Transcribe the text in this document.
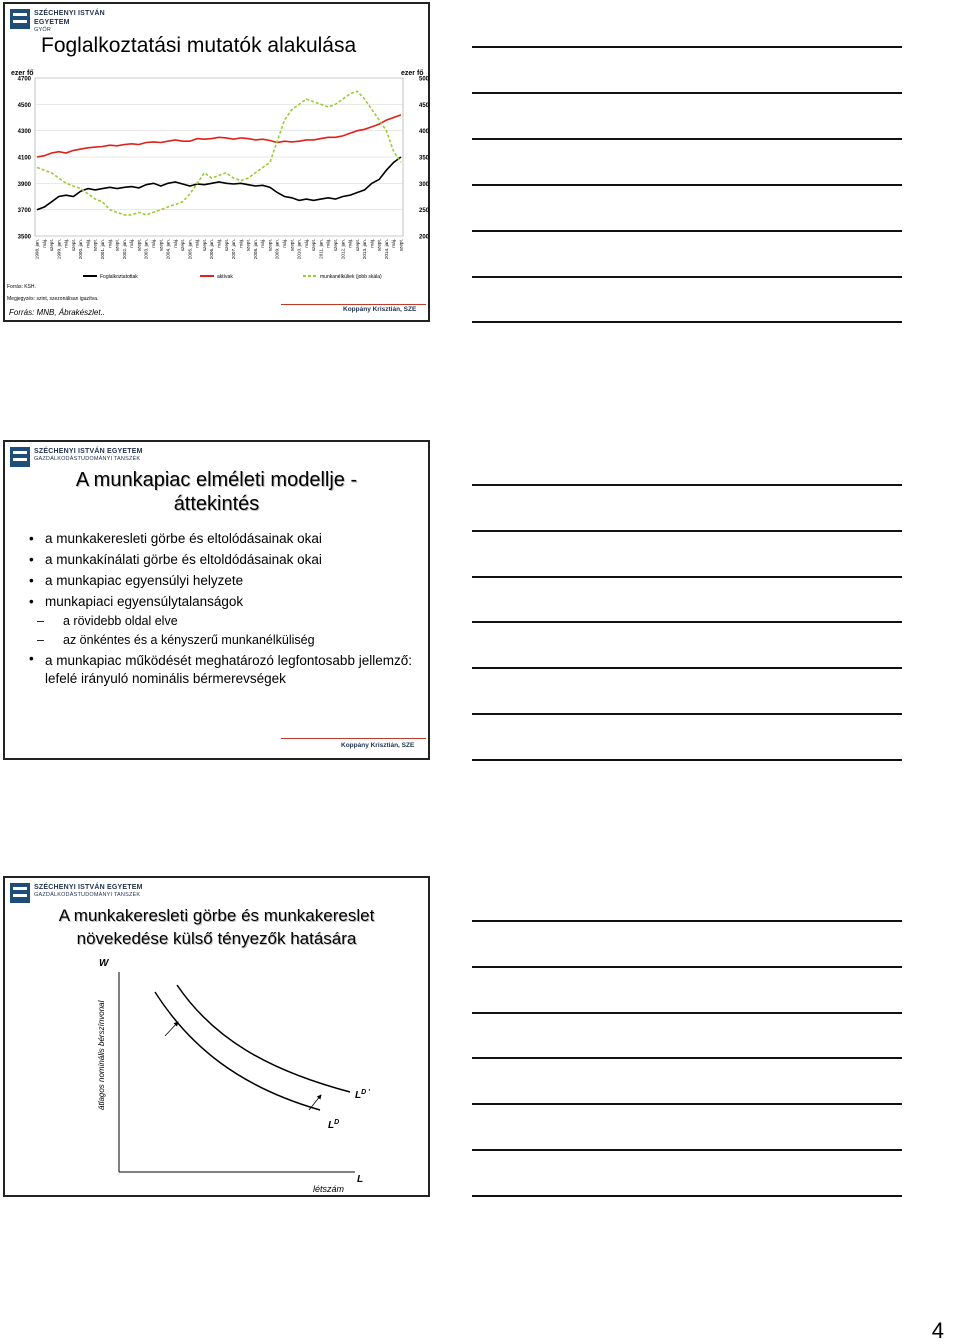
SZÉCHENYI ISTVÁN
EGYETEM
GYŐR
Foglalkoztatási mutatók alakulása
ezer fő	ezer fő
4700
4500
4300
4100
3900
3700
3500
500
450
400
350
300
250
200
1998. jan. máj. szept. 1999. jan. máj. szept. 2000. jan. máj. szept. 2001. jan. máj. szept. 2002. jan. máj. szept. 2003. jan. máj. szept. 2004. jan. máj. szept. 2005. jan. máj. szept. 2006. jan. máj. szept. 2007. jan. máj. szept. 2008. jan. máj. szept. 2009. jan. máj. szept. 2010. jan. máj. szept. 2011. jan. máj. szept. 2012. jan. máj. szept. 2013. jan. máj. szept. 2014. jan. máj. szept.
Foglalkoztatottak	aktívak	munkanélküliek (jobb skála)
Forrás: KSH.
Megjegyzés: szint, szezonálisan igazítva.
Forrás: MNB, Ábrakészlet..	Koppány Krisztián, SZE
SZÉCHENYI ISTVÁN EGYETEM
GAZDÁLKODÁSTUDOMÁNYI TANSZÉK
A munkapiac elméleti modellje -
áttekintés
• a munkakeresleti görbe és eltolódásainak okai
• a munkakínálati görbe és eltoldódásainak okai
• a munkapiac egyensúlyi helyzete
• munkapiaci egyensúlytalanságok
– a rövidebb oldal elve
– az önkéntes és a kényszerű munkanélküliség
• a munkapiac működését meghatározó legfontosabb jellemző: lefelé irányuló nominális bérmerevségek
Koppány Krisztián, SZE
SZÉCHENYI ISTVÁN EGYETEM
GAZDÁLKODÁSTUDOMÁNYI TANSZÉK
A munkakeresleti görbe és munkakereslet
növekedése külső tényezők hatására
W
átlagos nominális bérszínvonal
L
létszám
$L^D$
$L^{D '}$
4
